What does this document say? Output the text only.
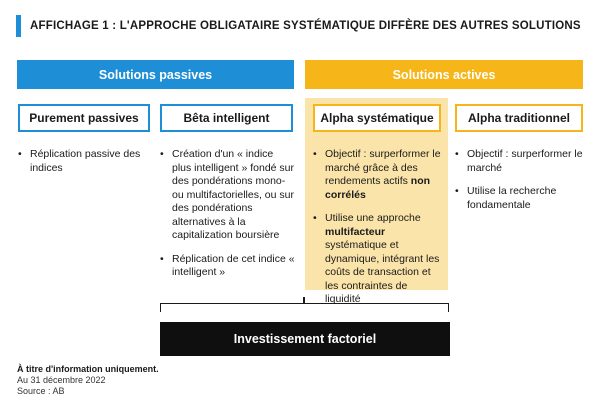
AFFICHAGE 1 : L'APPROCHE OBLIGATAIRE SYSTÉMATIQUE DIFFÈRE DES AUTRES SOLUTIONS
Solutions passives	Solutions actives
Purement passives	Bêta intelligent	Alpha systématique	Alpha traditionnel
• Réplication passive des indices
• Création d'un « indice plus intelligent » fondé sur des pondérations mono- ou multifactorielles, ou sur des pondérations alternatives à la capitalization boursière
• Réplication de cet indice « intelligent »
• Objectif : surperformer le marché grâce à des rendements actifs non corrélés
• Utilise une approche multifacteur systématique et dynamique, intégrant les coûts de transaction et les contraintes de liquidité
• Objectif : surperformer le marché
• Utilise la recherche fondamentale
Investissement factoriel
À titre d'information uniquement.
Au 31 décembre 2022
Source : AB
